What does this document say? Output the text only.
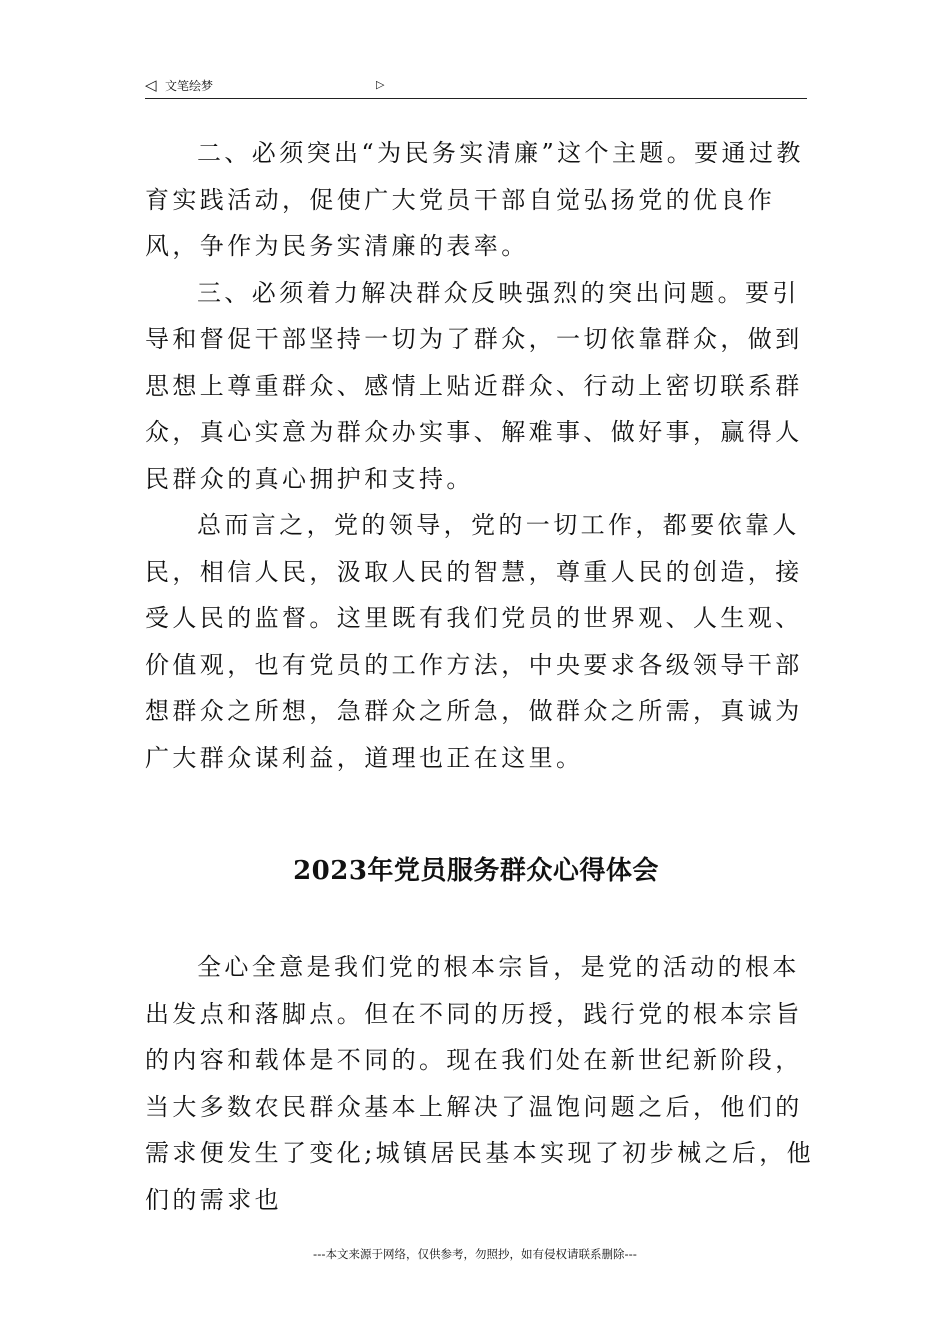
◁ 文笔绘梦	▷

二、必须突出“为民务实清廉”这个主题。要通过教育实践活动，促使广大党员干部自觉弘扬党的优良作风，争作为民务实清廉的表率。

三、必须着力解决群众反映强烈的突出问题。要引导和督促干部坚持一切为了群众，一切依靠群众，做到思想上尊重群众、感情上贴近群众、行动上密切联系群众，真心实意为群众办实事、解难事、做好事，赢得人民群众的真心拥护和支持。

总而言之，党的领导，党的一切工作，都要依靠人民，相信人民，汲取人民的智慧，尊重人民的创造，接受人民的监督。这里既有我们党员的世界观、人生观、价值观，也有党员的工作方法，中央要求各级领导干部想群众之所想，急群众之所急，做群众之所需，真诚为广大群众谋利益，道理也正在这里。

2023年党员服务群众心得体会

全心全意是我们党的根本宗旨，是党的活动的根本出发点和落脚点。但在不同的历授，践行党的根本宗旨的内容和载体是不同的。现在我们处在新世纪新阶段，当大多数农民群众基本上解决了温饱问题之后，他们的需求便发生了变化;城镇居民基本实现了初步械之后，他们的需求也

---本文来源于网络，仅供参考，勿照抄，如有侵权请联系删除---
